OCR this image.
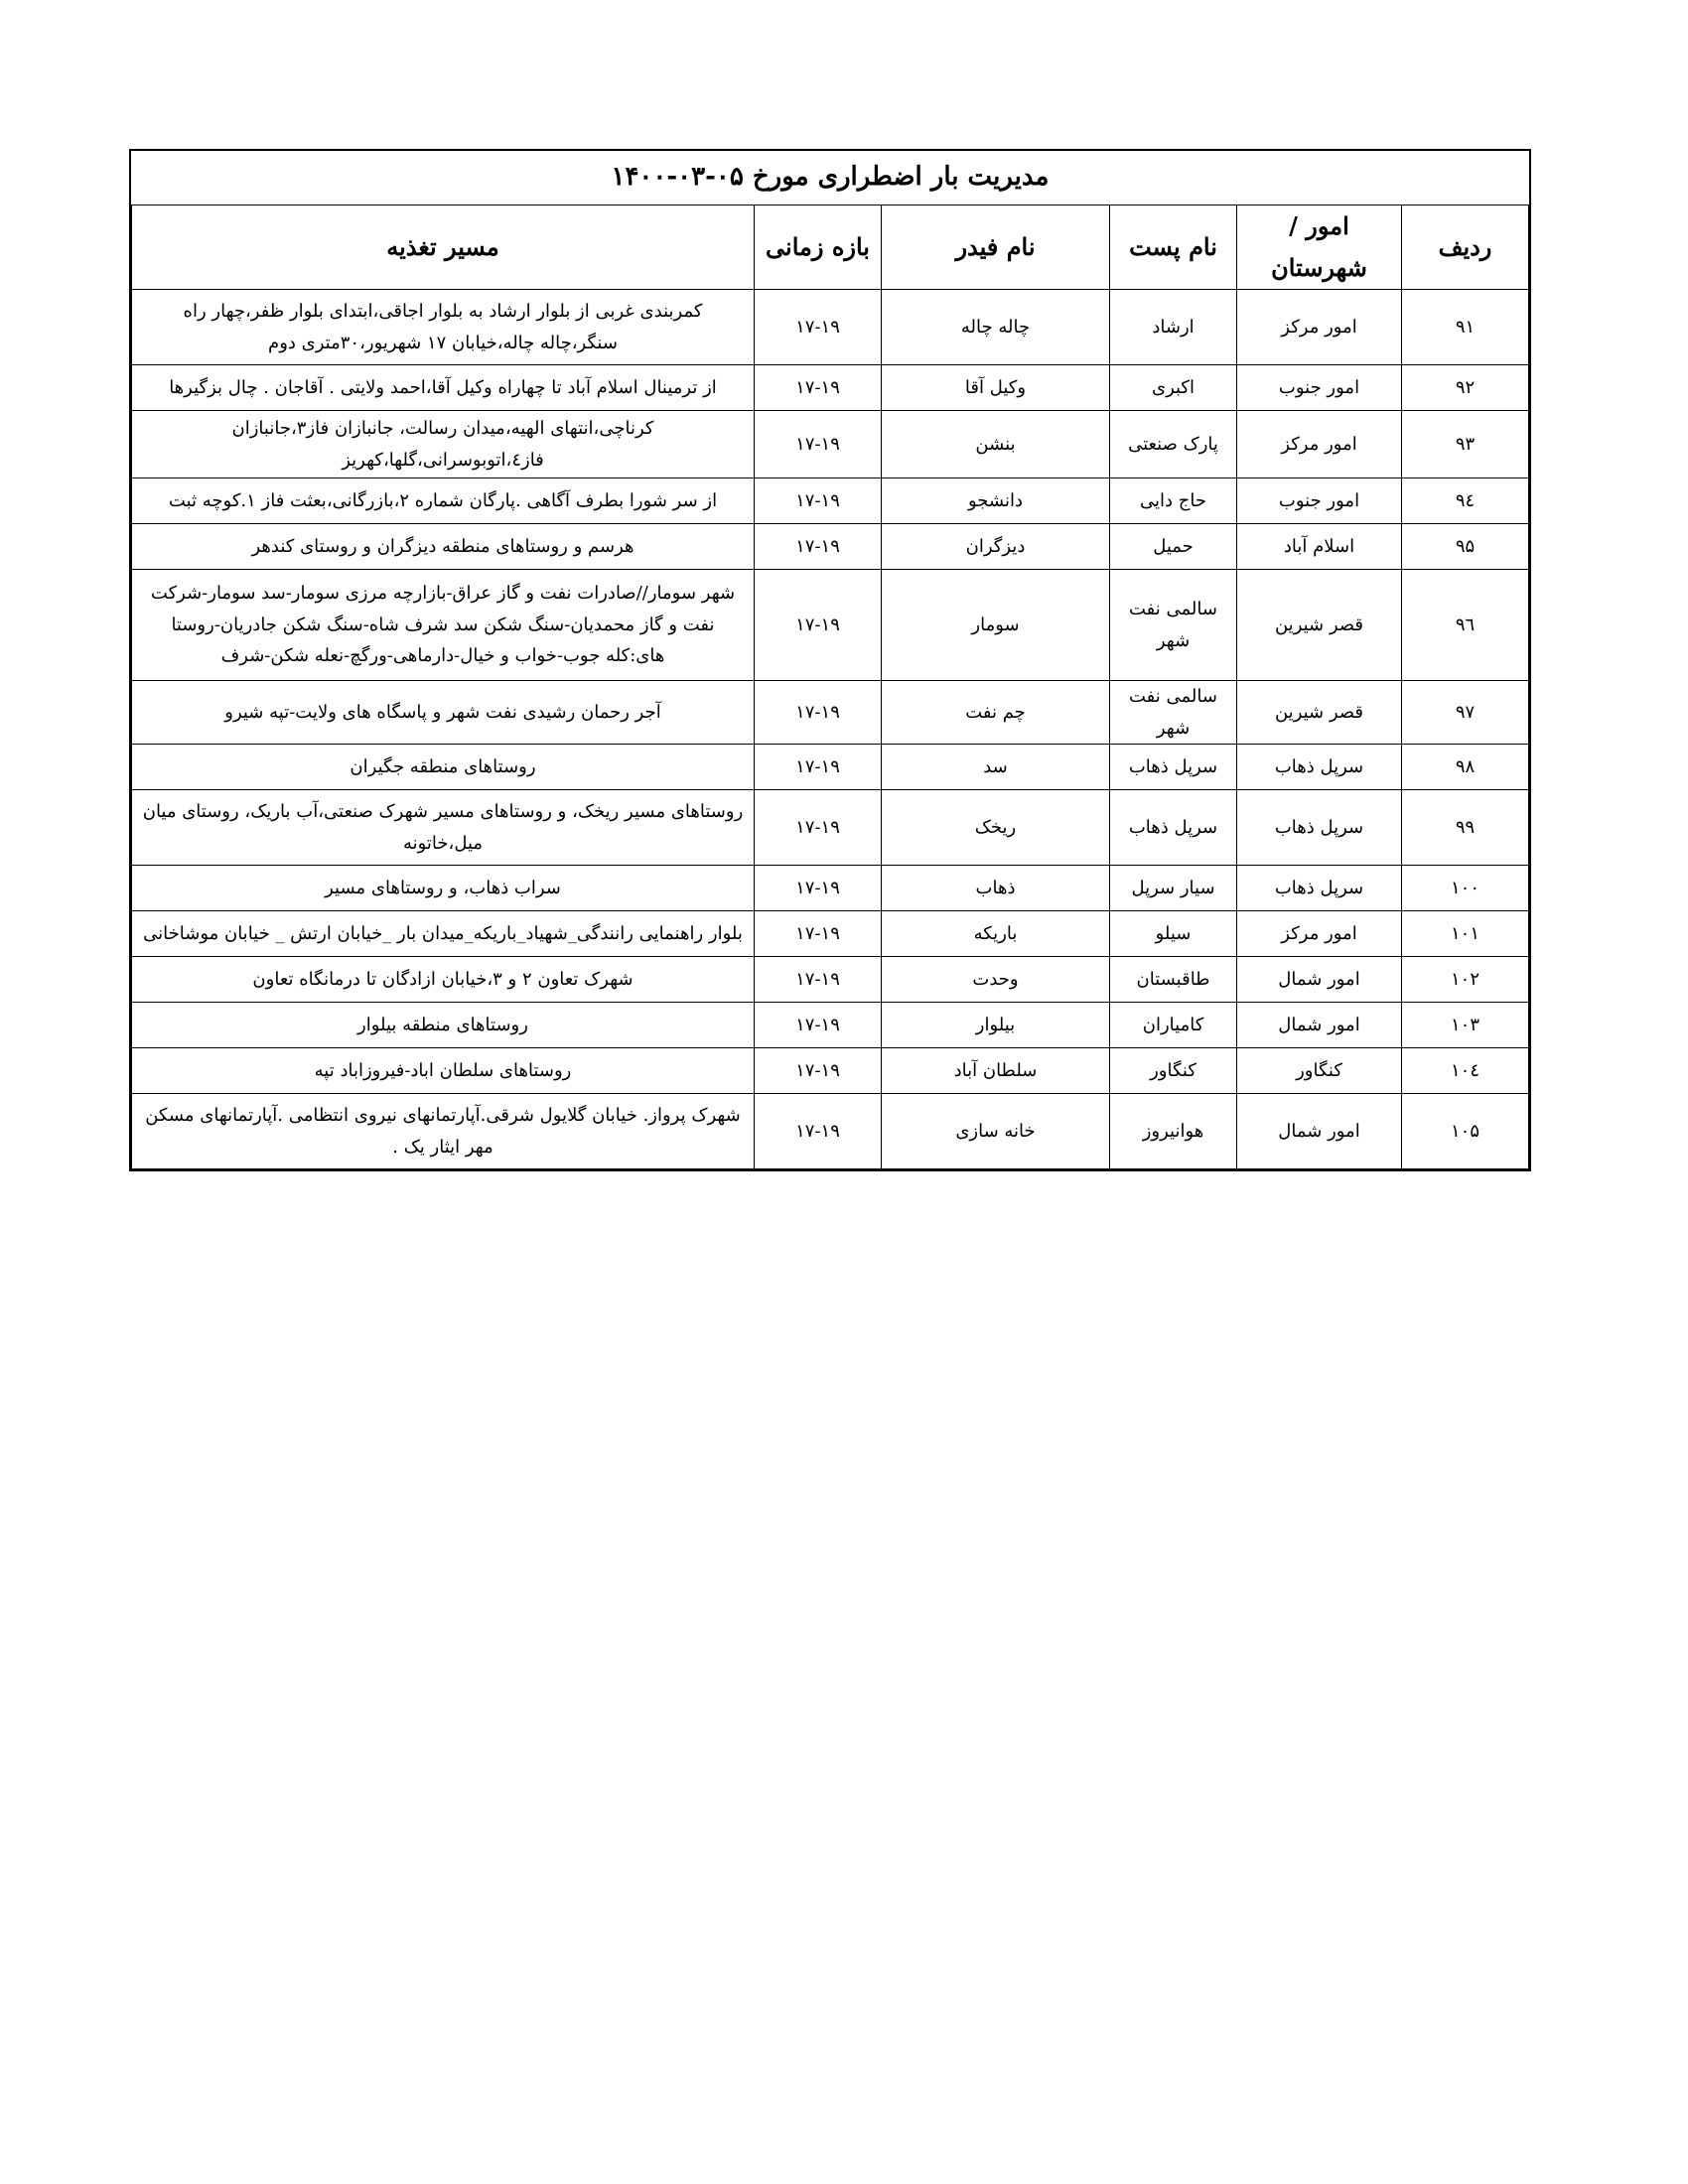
مدیریت بار اضطراری مورخ ۰۵-۰۳-۱۴۰۰					
ردیف	امور / شهرستان	نام پست	نام فیدر	بازه زمانی	مسیر تغذیه
۹۱	امور مرکز	ارشاد	چاله چاله	۱۷-۱۹	کمربندی غربی از بلوار ارشاد به بلوار اجاقی،ابتدای بلوار ظفر،چهار راه سنگر،چاله چاله،خیابان ۱۷ شهریور،۳۰متری دوم
۹۲	امور جنوب	اکبری	وکیل آقا	۱۷-۱۹	از ترمینال اسلام آباد تا چهاراه وکیل آقا،احمد ولایتی . آقاجان . چال بزگیرها
۹۳	امور مرکز	پارک صنعتی	بنشن	۱۷-۱۹	کرناچی،انتهای الهیه،میدان رسالت، جانبازان فاز۳،جانبازان فاز٤،اتوبوسرانی،گلها،کهریز
۹٤	امور جنوب	حاج دایی	دانشجو	۱۷-۱۹	از سر شورا بطرف آگاهی .پارگان شماره ۲،بازرگانی،بعثت فاز ۱.کوچه ثبت
۹۵	اسلام آباد	حمیل	دیزگران	۱۷-۱۹	هرسم و روستاهای منطقه دیزگران و روستای کندهر
۹٦	قصر شیرین	سالمی نفت شهر	سومار	۱۷-۱۹	شهر سومار//صادرات نفت و گاز عراق-بازارچه مرزی سومار-سد سومار-شرکت نفت و گاز محمدیان-سنگ شکن سد شرف شاه-سنگ شکن جادریان-روستا های:کله جوب-خواب و خیال-دارماهی-ورگچ-نعله شکن-شرف
۹۷	قصر شیرین	سالمی نفت شهر	چم نفت	۱۷-۱۹	آجر رحمان رشیدی نفت شهر و پاسگاه های ولایت-تپه شیرو
۹۸	سرپل ذهاب	سرپل ذهاب	سد	۱۷-۱۹	روستاهای منطقه جگیران
۹۹	سرپل ذهاب	سرپل ذهاب	ریخک	۱۷-۱۹	روستاهای مسیر ریخک، و روستاهای مسیر شهرک صنعتی،آب باریک، روستای میان میل،خاتونه
۱۰۰	سرپل ذهاب	سیار سرپل	ذهاب	۱۷-۱۹	سراب ذهاب، و روستاهای مسیر
۱۰۱	امور مرکز	سیلو	باریکه	۱۷-۱۹	بلوار راهنمایی رانندگی_شهیاد_باریکه_میدان بار _خیابان ارتش _ خیابان موشاخانی
۱۰۲	امور شمال	طاقبستان	وحدت	۱۷-۱۹	شهرک تعاون ۲ و ۳،خیابان ازادگان تا درمانگاه تعاون
۱۰۳	امور شمال	کامیاران	بیلوار	۱۷-۱۹	روستاهای منطقه بیلوار
۱۰٤	کنگاور	کنگاور	سلطان آباد	۱۷-۱۹	روستاهای سلطان اباد-فیروزاباد تپه
۱۰۵	امور شمال	هوانیروز	خانه سازی	۱۷-۱۹	شهرک پرواز. خیابان گلایول شرقی.آپارتمانهای نیروی انتظامی .آپارتمانهای مسکن مهر ایثار یک .
